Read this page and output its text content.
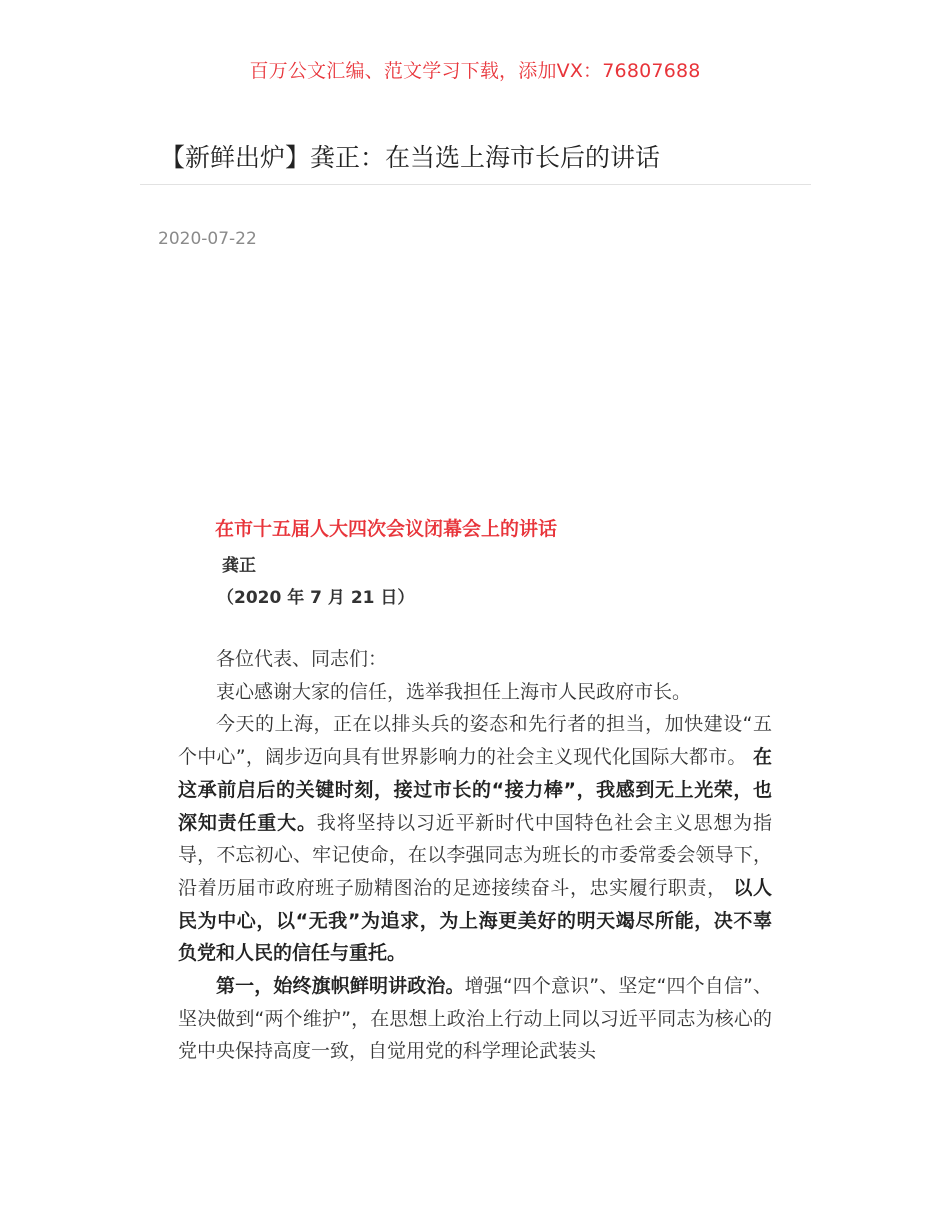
百万公文汇编、范文学习下载，添加VX：76807688
【新鲜出炉】龚正：在当选上海市长后的讲话
2020-07-22
在市十五届人大四次会议闭幕会上的讲话
龚正
（2020 年 7 月 21 日）

各位代表、同志们：

衷心感谢大家的信任，选举我担任上海市人民政府市长。

今天的上海，正在以排头兵的姿态和先行者的担当，加快建设“五个中心”，阔步迈向具有世界影响力的社会主义现代化国际大都市。 在这承前启后的关键时刻，接过市长的“接力棒”，我感到无上光荣，也深知责任重大。我将坚持以习近平新时代中国特色社会主义思想为指导，不忘初心、牢记使命，在以李强同志为班长的市委常委会领导下，沿着历届市政府班子励精图治的足迹接续奋斗，忠实履行职责， 以人民为中心，以“无我”为追求，为上海更美好的明天竭尽所能，决不辜负党和人民的信任与重托。

第一，始终旗帜鲜明讲政治。增强“四个意识”、坚定“四个自信”、坚决做到“两个维护”，在思想上政治上行动上同以习近平同志为核心的党中央保持高度一致，自觉用党的科学理论武装头
